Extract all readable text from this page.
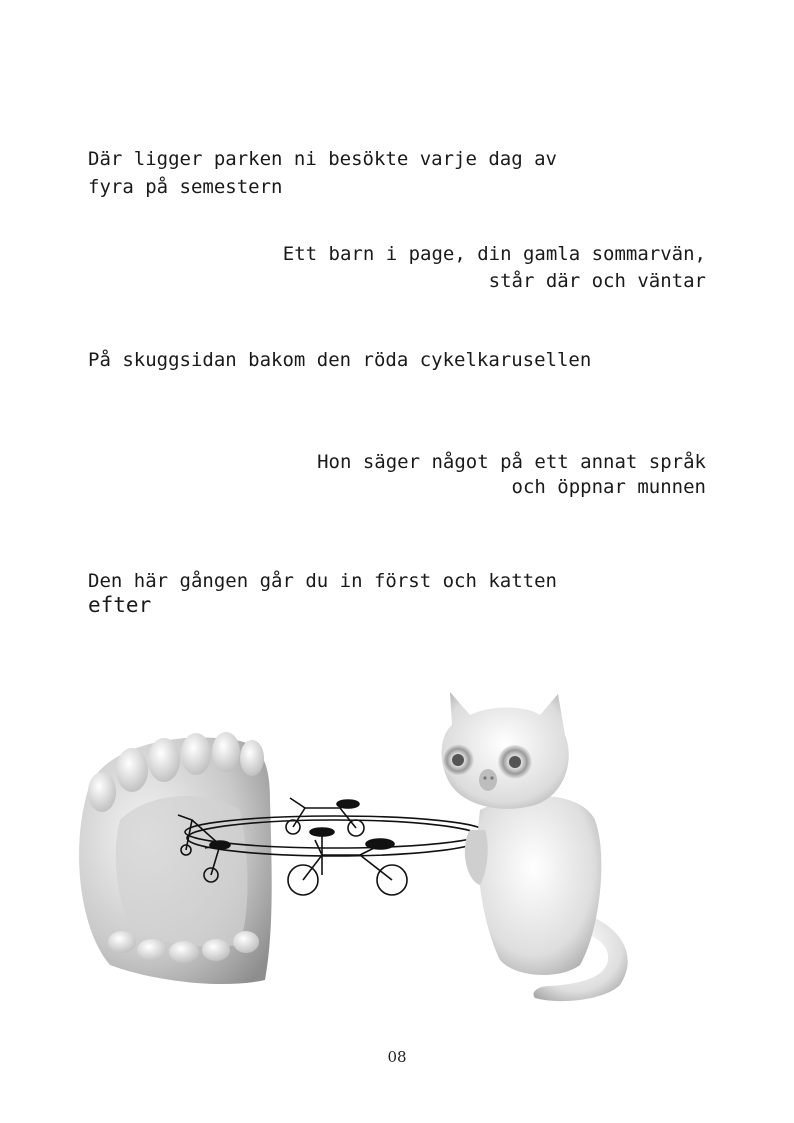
Där ligger parken ni besökte varje dag av

fyra på semestern

Ett barn i page, din gamla sommarvän,

står där och väntar

På skuggsidan bakom den röda cykelkarusellen

Hon säger något på ett annat språk

och öppnar munnen

Den här gången går du in först och katten

efter

08
